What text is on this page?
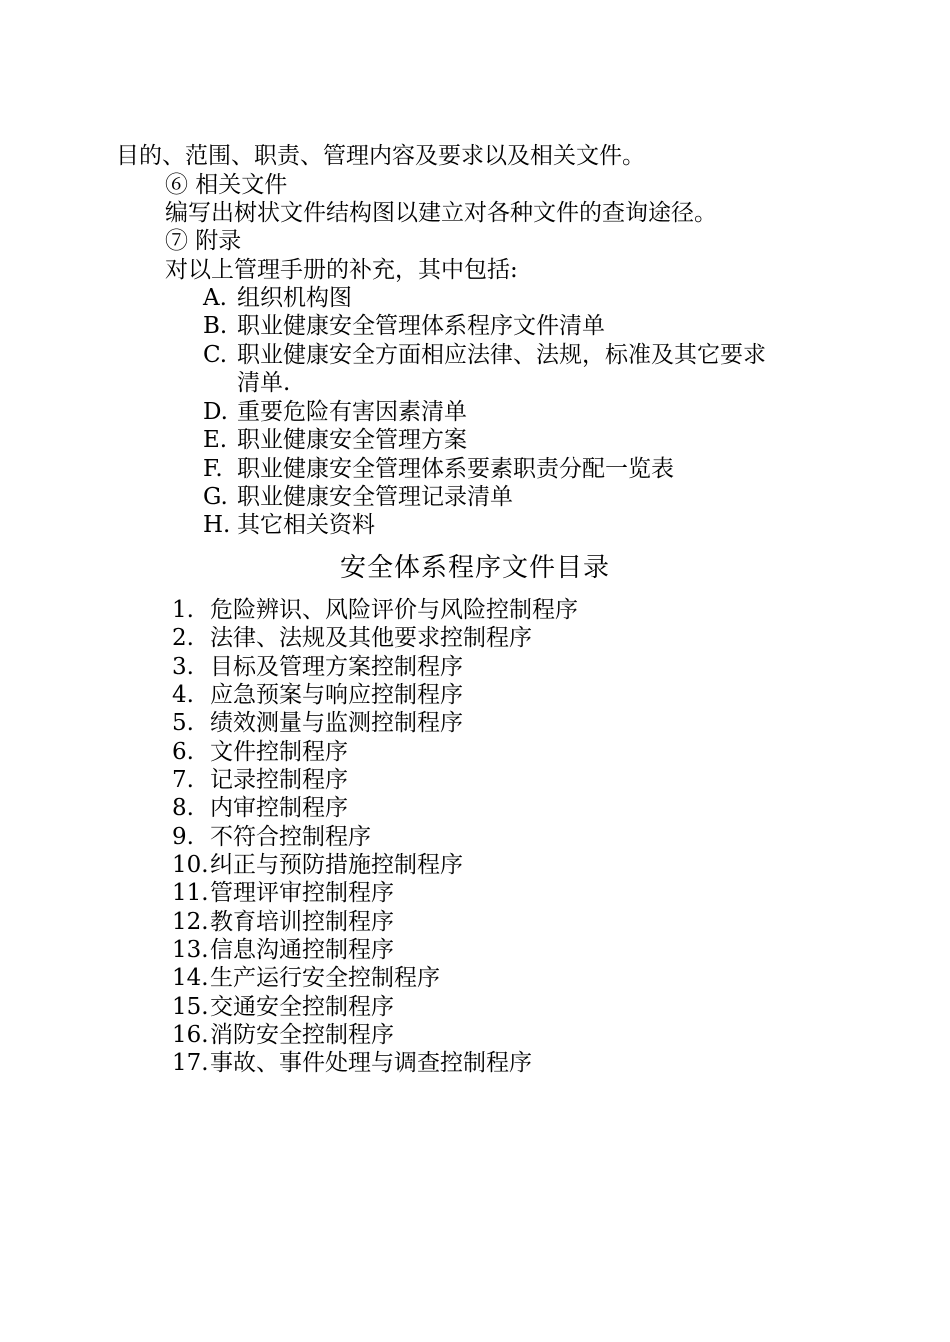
目的、范围、职责、管理内容及要求以及相关文件。
⑥ 相关文件
编写出树状文件结构图以建立对各种文件的查询途径。
⑦ 附录
对以上管理手册的补充，其中包括:
A. 组织机构图
B. 职业健康安全管理体系程序文件清单
C. 职业健康安全方面相应法律、法规，标准及其它要求
清单.
D. 重要危险有害因素清单
E. 职业健康安全管理方案
F. 职业健康安全管理体系要素职责分配一览表
G. 职业健康安全管理记录清单
H. 其它相关资料
安全体系程序文件目录
1. 危险辨识、风险评价与风险控制程序
2. 法律、法规及其他要求控制程序
3. 目标及管理方案控制程序
4. 应急预案与响应控制程序
5. 绩效测量与监测控制程序
6. 文件控制程序
7. 记录控制程序
8. 内审控制程序
9. 不符合控制程序
10.纠正与预防措施控制程序
11.管理评审控制程序
12.教育培训控制程序
13.信息沟通控制程序
14.生产运行安全控制程序
15.交通安全控制程序
16.消防安全控制程序
17.事故、事件处理与调查控制程序
